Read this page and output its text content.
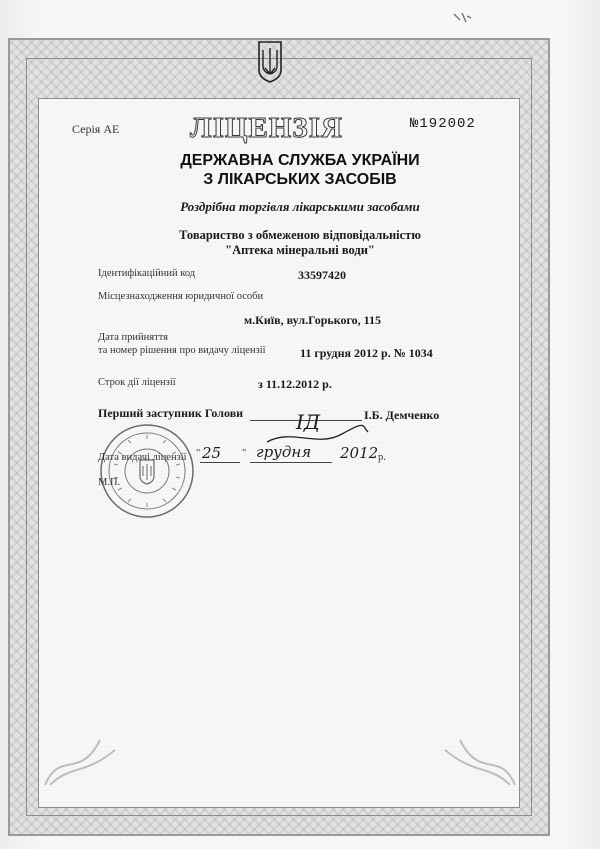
Серія АЕ ЛІЦЕНЗІЯ	№192002
ДЕРЖАВНА СЛУЖБА УКРАЇНИ
З ЛІКАРСЬКИХ ЗАСОБІВ
Роздрібна торгівля лікарськими засобами
Товариство з обмеженою відповідальністю
"Аптека мінеральні води"
Ідентифікаційний код	33597420
Місцезнаходження юридичної особи
м.Київ, вул.Горького, 115
Дата прийняття
та номер рішення про видачу ліцензії	11 грудня 2012 р. № 1034
Строк дії ліцензії	з 11.12.2012 р.
Перший заступник Голови	ІД	І.Б. Демченко
Дата видачі ліцензії " 25 " грудня 2012 р.
М.П.
